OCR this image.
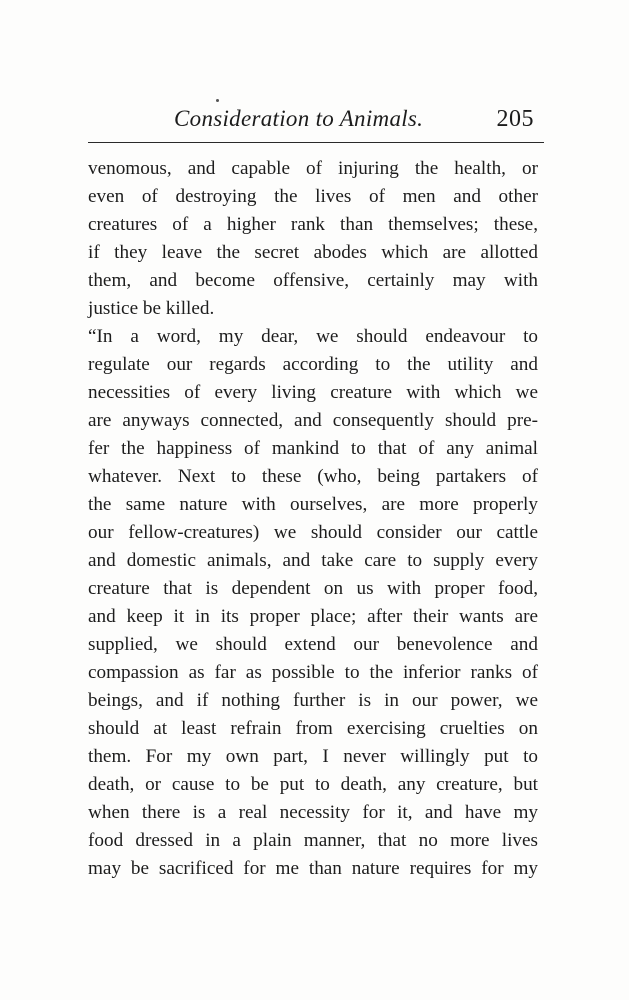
Consideration to Animals.	205
venomous, and capable of injuring the health, or
even of destroying the lives of men and other
creatures of a higher rank than themselves; these,
if they leave the secret abodes which are allotted
them, and become offensive, certainly may with
justice be killed.
“In a word, my dear, we should endeavour to
regulate our regards according to the utility and
necessities of every living creature with which we
are anyways connected, and consequently should pre-
fer the happiness of mankind to that of any animal
whatever. Next to these (who, being partakers of
the same nature with ourselves, are more properly
our fellow-creatures) we should consider our cattle
and domestic animals, and take care to supply every
creature that is dependent on us with proper food,
and keep it in its proper place; after their wants are
supplied, we should extend our benevolence and
compassion as far as possible to the inferior ranks of
beings, and if nothing further is in our power, we
should at least refrain from exercising cruelties on
them. For my own part, I never willingly put to
death, or cause to be put to death, any creature, but
when there is a real necessity for it, and have my
food dressed in a plain manner, that no more lives
may be sacrificed for me than nature requires for my
